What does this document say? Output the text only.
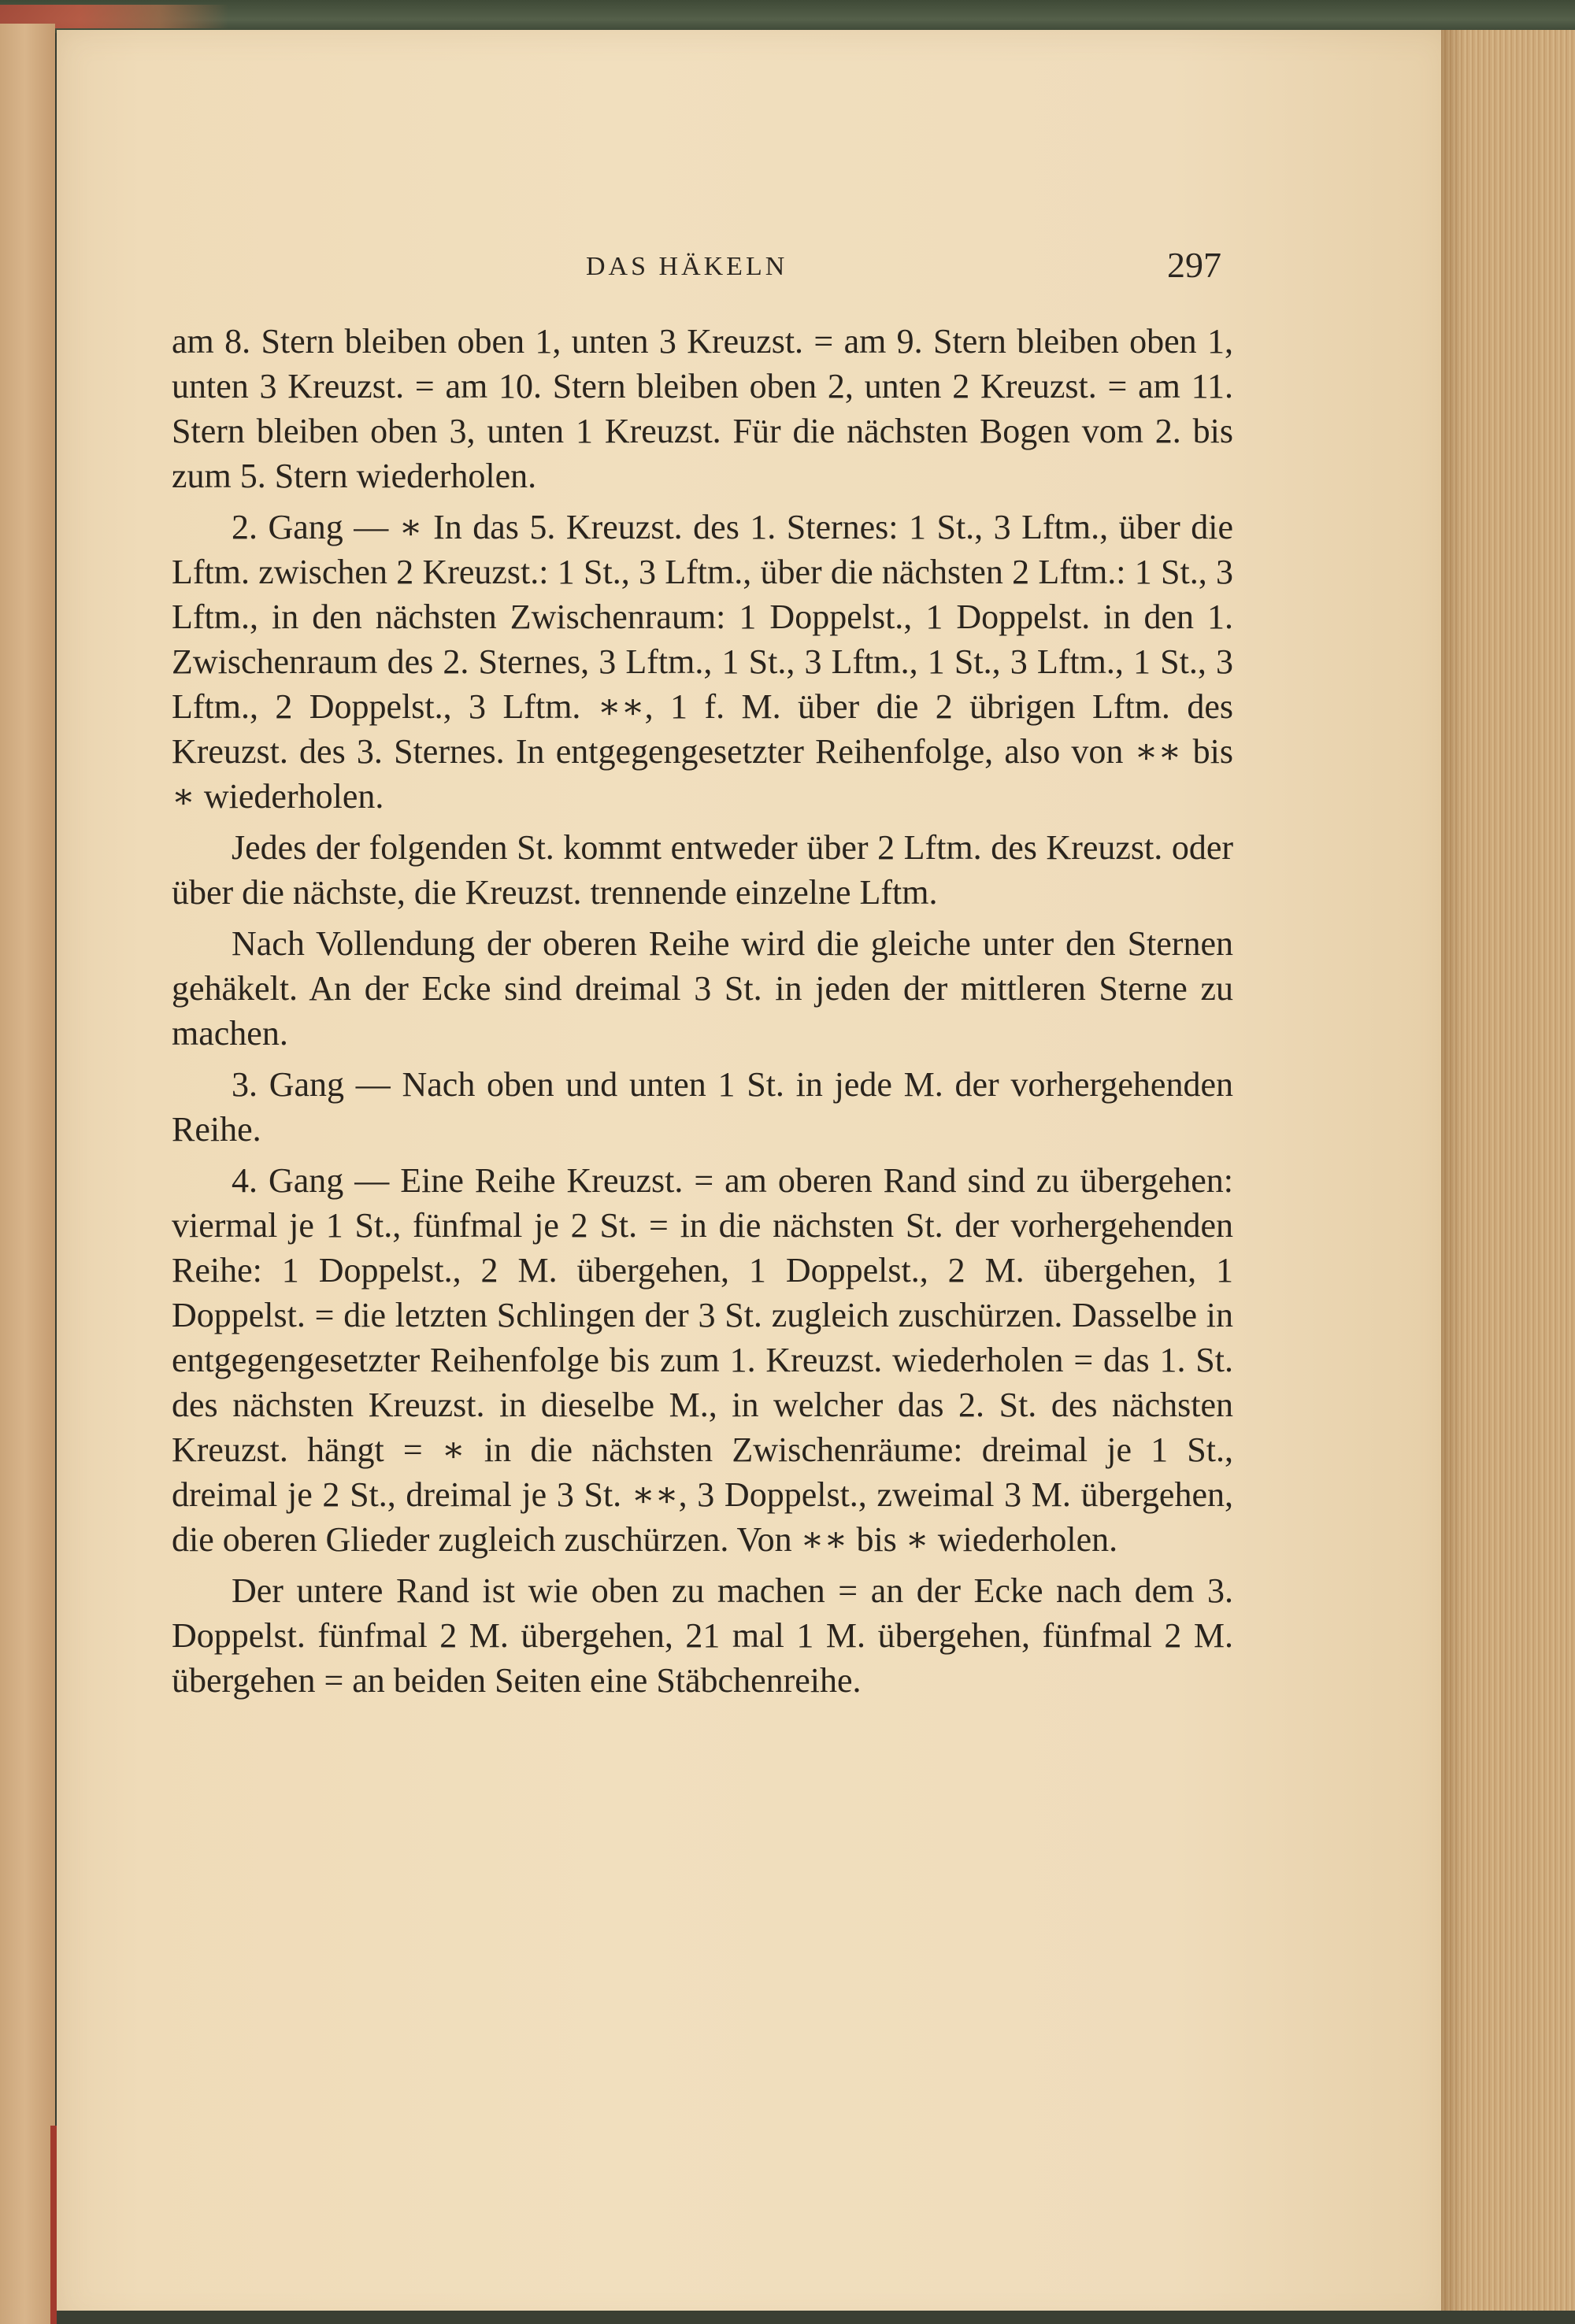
DAS HÄKELN	297

am 8. Stern bleiben oben 1, unten 3 Kreuzst. = am 9. Stern bleiben oben 1, unten 3 Kreuzst. = am 10. Stern bleiben oben 2, unten 2 Kreuzst. = am 11. Stern bleiben oben 3, unten 1 Kreuzst. Für die nächsten Bogen vom 2. bis zum 5. Stern wiederholen.

2. Gang — ∗ In das 5. Kreuzst. des 1. Sternes: 1 St., 3 Lftm., über die Lftm. zwischen 2 Kreuzst.: 1 St., 3 Lftm., über die nächsten 2 Lftm.: 1 St., 3 Lftm., in den nächsten Zwischenraum: 1 Doppelst., 1 Doppelst. in den 1. Zwischenraum des 2. Sternes, 3 Lftm., 1 St., 3 Lftm., 1 St., 3 Lftm., 1 St., 3 Lftm., 2 Doppelst., 3 Lftm. ∗∗, 1 f. M. über die 2 übrigen Lftm. des Kreuzst. des 3. Sternes. In entgegengesetzter Reihenfolge, also von ∗∗ bis ∗ wiederholen.

Jedes der folgenden St. kommt entweder über 2 Lftm. des Kreuzst. oder über die nächste, die Kreuzst. trennende einzelne Lftm.

Nach Vollendung der oberen Reihe wird die gleiche unter den Sternen gehäkelt. An der Ecke sind dreimal 3 St. in jeden der mittleren Sterne zu machen.

3. Gang — Nach oben und unten 1 St. in jede M. der vorhergehenden Reihe.

4. Gang — Eine Reihe Kreuzst. = am oberen Rand sind zu übergehen: viermal je 1 St., fünfmal je 2 St. = in die nächsten St. der vorhergehenden Reihe: 1 Doppelst., 2 M. übergehen, 1 Doppelst., 2 M. übergehen, 1 Doppelst. = die letzten Schlingen der 3 St. zugleich zuschürzen. Dasselbe in entgegengesetzter Reihenfolge bis zum 1. Kreuzst. wiederholen = das 1. St. des nächsten Kreuzst. in dieselbe M., in welcher das 2. St. des nächsten Kreuzst. hängt = ∗ in die nächsten Zwischenräume: dreimal je 1 St., dreimal je 2 St., dreimal je 3 St. ∗∗, 3 Doppelst., zweimal 3 M. übergehen, die oberen Glieder zugleich zuschürzen. Von ∗∗ bis ∗ wiederholen.

Der untere Rand ist wie oben zu machen = an der Ecke nach dem 3. Doppelst. fünfmal 2 M. übergehen, 21 mal 1 M. übergehen, fünfmal 2 M. übergehen = an beiden Seiten eine Stäbchenreihe.
